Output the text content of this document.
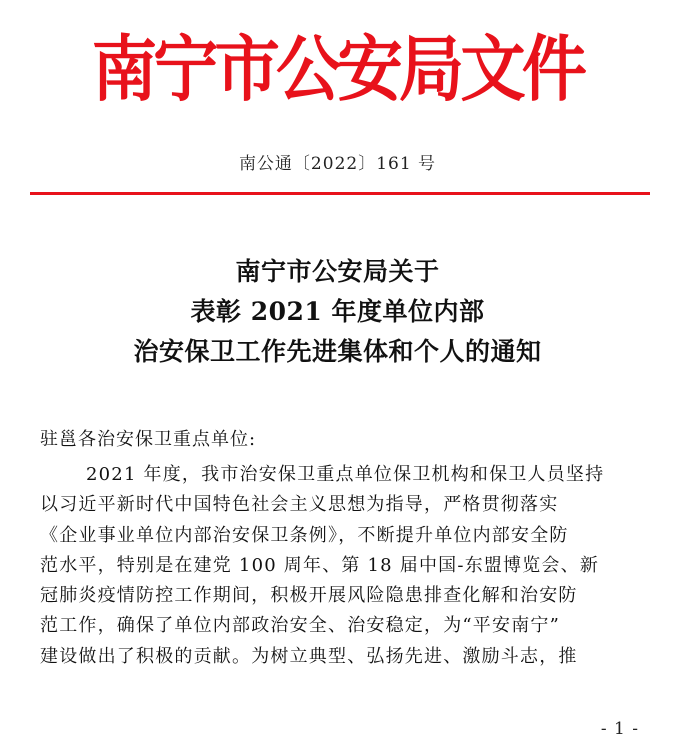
南宁市公安局文件
南公通〔2022〕161 号
南宁市公安局关于
表彰 2021 年度单位内部
治安保卫工作先进集体和个人的通知
驻邕各治安保卫重点单位:
2021 年度，我市治安保卫重点单位保卫机构和保卫人员坚持
以习近平新时代中国特色社会主义思想为指导，严格贯彻落实
《企业事业单位内部治安保卫条例》，不断提升单位内部安全防
范水平，特别是在建党 100 周年、第 18 届中国-东盟博览会、新
冠肺炎疫情防控工作期间，积极开展风险隐患排查化解和治安防
范工作，确保了单位内部政治安全、治安稳定，为“平安南宁”
建设做出了积极的贡献。为树立典型、弘扬先进、激励斗志，推
- 1 -
